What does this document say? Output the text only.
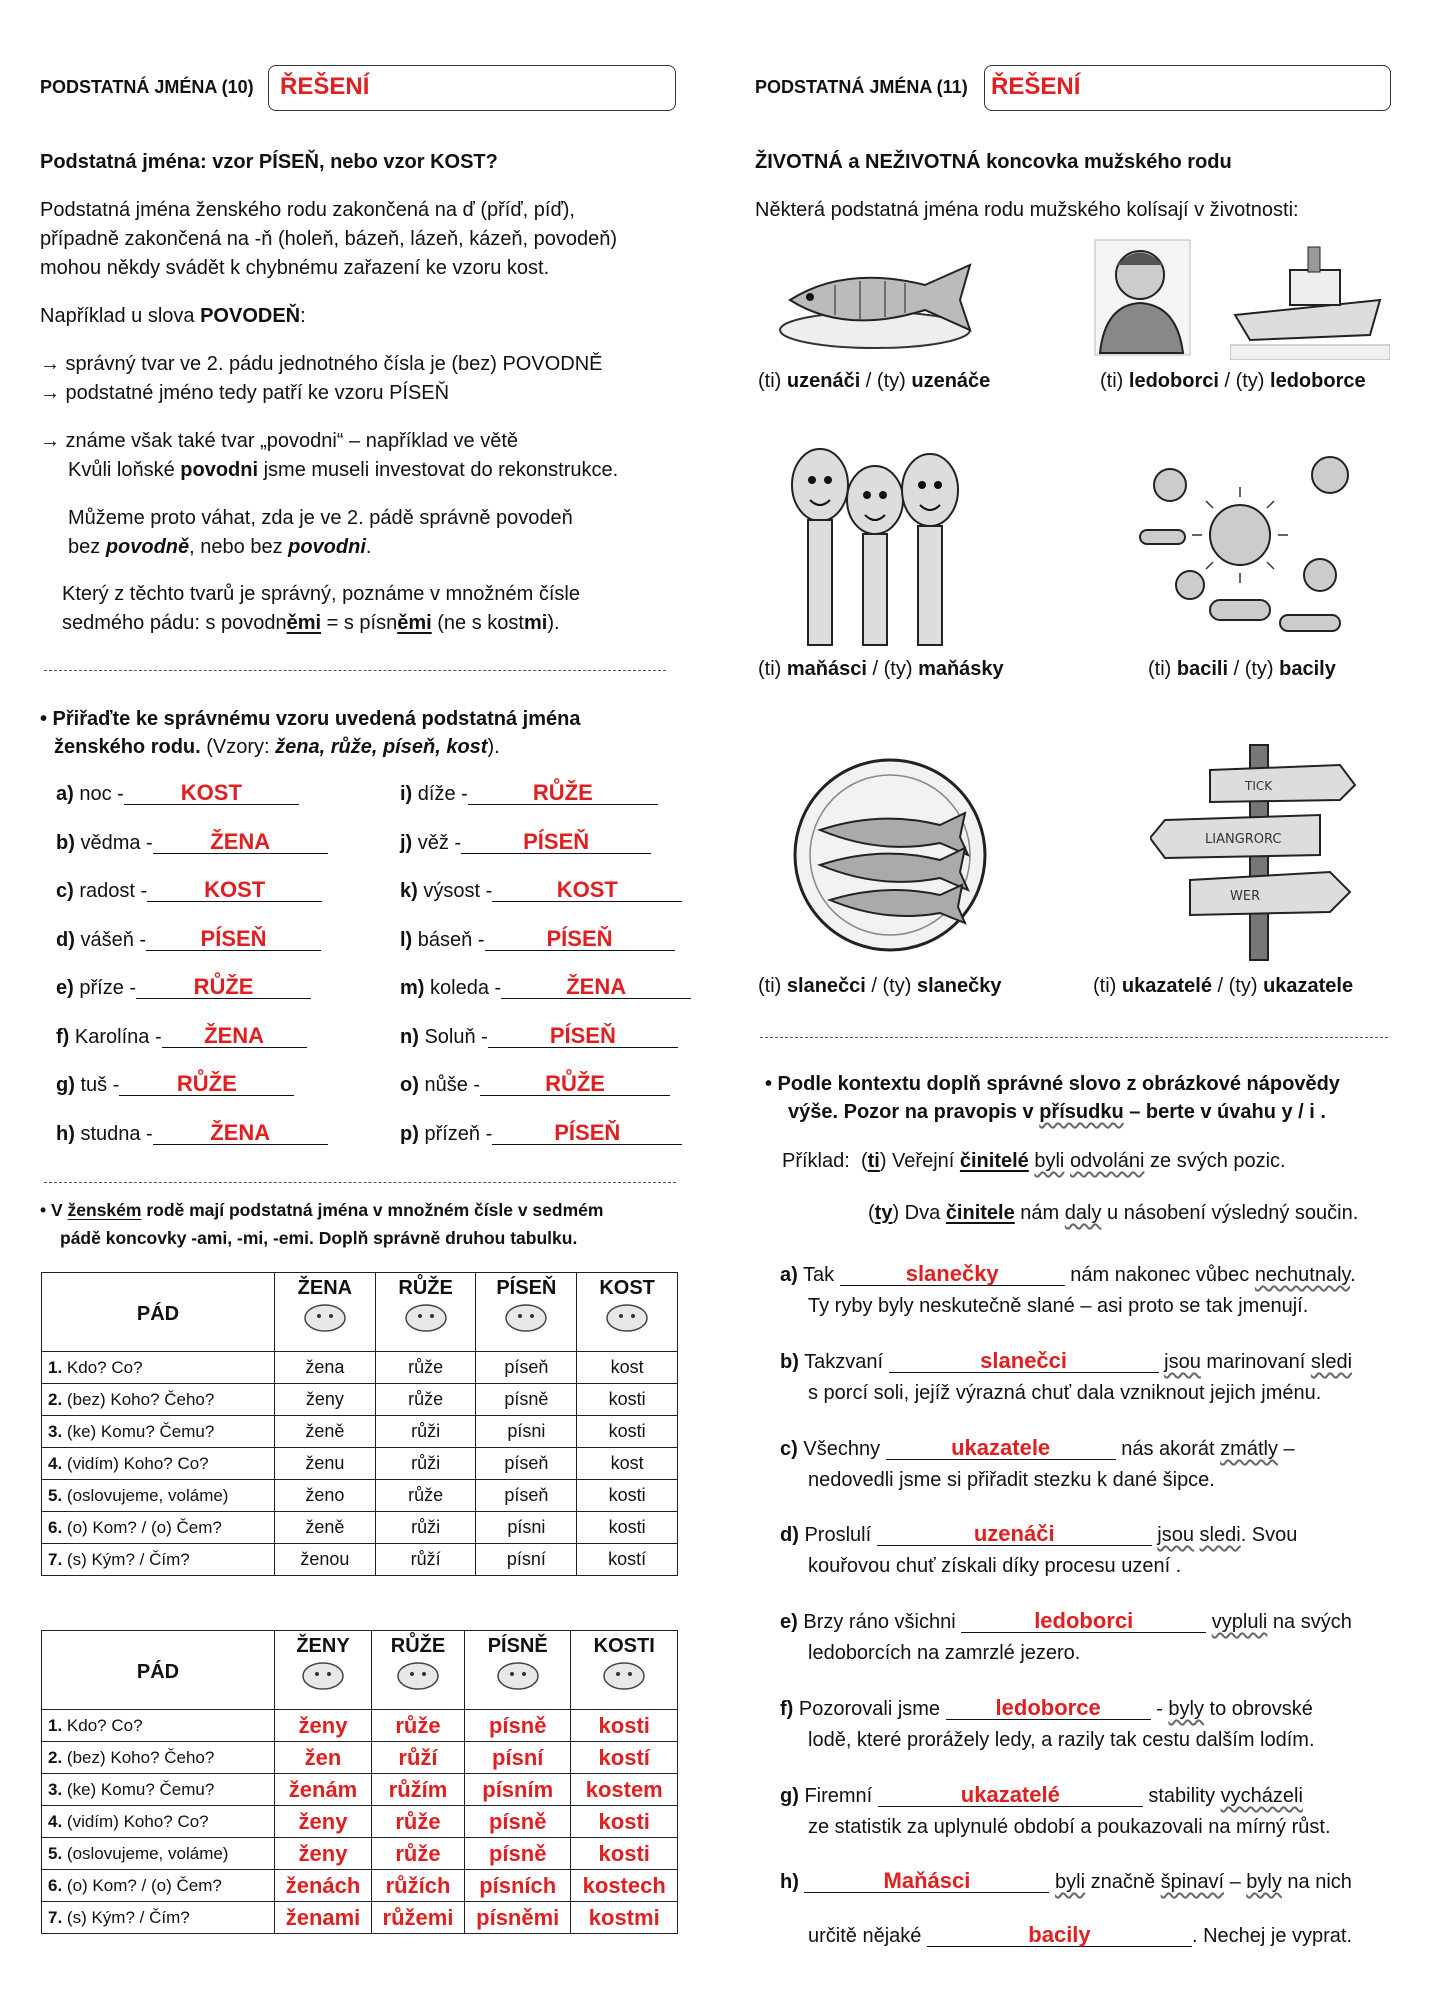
PODSTATNÁ JMÉNA (10) ŘEŠENÍ
Podstatná jména: vzor PÍSEŇ, nebo vzor KOST?
Podstatná jména ženského rodu zakončená na ď (příď, píď),
případně zakončená na -ň (holeň, bázeň, lázeň, kázeň, povodeň)
mohou někdy svádět k chybnému zařazení ke vzoru kost.
Například u slova POVODEŇ:
→ správný tvar ve 2. pádu jednotného čísla je (bez) POVODNĚ
→ podstatné jméno tedy patří ke vzoru PÍSEŇ
→ známe však také tvar „povodni“ – například ve větě
Kvůli loňské povodni jsme museli investovat do rekonstrukce.
Můžeme proto váhat, zda je ve 2. pádě správně povodeň
bez povodně, nebo bez povodni.
Který z těchto tvarů je správný, poznáme v množném čísle
sedmého pádu: s povodněmi = s písněmi (ne s kostmi).
• Přiřaďte ke správnému vzoru uvedená podstatná jména
ženského rodu. (Vzory: žena, růže, píseň, kost).
a) noc -	KOST
b) vědma -	ŽENA
c) radost -	KOST
d) vášeň - PÍSEŇ
e) příze -	RŮŽE
f) Karolína - ŽENA
g) tuš -	RŮŽE
h) studna -	ŽENA
i) díže -	RŮŽE
j) věž -	PÍSEŇ
k) výsost -	KOST
l) báseň -	PÍSEŇ
m) koleda -	ŽENA
n) Soluň -	PÍSEŇ
o) nůše -	RŮŽE
p) přízeň -	PÍSEŇ
• V ženském rodě mají podstatná jména v množném čísle v sedmém
pádě koncovky -ami, -mi, -emi. Doplň správně druhou tabulku.
PÁD	ŽENA	RŮŽE	PÍSEŇ	KOST

1. Kdo? Co?	žena	růže	píseň	kost
2. (bez) Koho? Čeho?	ženy	růže	písně	kosti
3. (ke) Komu? Čemu?	ženě	růži	písni	kosti
4. (vidím) Koho? Co?	ženu	růži	píseň	kost
5. (oslovujeme, voláme)	ženo	růže	píseň	kosti
6. (o) Kom? / (o) Čem?	ženě	růži	písni	kosti
7. (s) Kým? / Čím?	ženou	růží	písní	kostí
PÁD	ŽENY	RŮŽE	PÍSNĚ	KOSTI

1. Kdo? Co?	ženy	růže	písně	kosti
2. (bez) Koho? Čeho?	žen	růží	písní	kostí
3. (ke) Komu? Čemu?	ženám	růžím	písním	kostem
4. (vidím) Koho? Co?	ženy	růže	písně	kosti
5. (oslovujeme, voláme)	ženy	růže	písně	kosti
6. (o) Kom? / (o) Čem?	ženách	růžích	písních	kostech
7. (s) Kým? / Čím?	ženami	růžemi	písněmi	kostmi
PODSTATNÁ JMÉNA (11) ŘEŠENÍ
ŽIVOTNÁ a NEŽIVOTNÁ koncovka mužského rodu
Některá podstatná jména rodu mužského kolísají v životnosti:
(ti) uzenáči / (ty) uzenáče	(ti) ledoborci / (ty) ledoborce
(ti) maňásci / (ty) maňásky	(ti) bacili / (ty) bacily
TICK
LIANGRORC
WER
(ti) slanečci / (ty) slanečky	(ti) ukazatelé / (ty) ukazatele
• Podle kontextu doplň správné slovo z obrázkové nápovědy
výše. Pozor na pravopis v přísudku – berte v úvahu y / i .
Příklad: (ti) Veřejní činitelé byli odvoláni ze svých pozic.
(ty) Dva činitele nám daly u násobení výsledný součin.
a) Tak	slanečky	nám nakonec vůbec nechutnaly.
Ty ryby byly neskutečně slané – asi proto se tak jmenují.
b) Takzvaní	slanečci	jsou marinovaní sledi
s porcí soli, jejíž výrazná chuť dala vzniknout jejich jménu.
c) Všechny	ukazatele	nás akorát zmátly –
nedovedli jsme si přiřadit stezku k dané šipce.
d) Proslulí	uzenáči	jsou sledi. Svou
kouřovou chuť získali díky procesu uzení .
e) Brzy ráno všichni	ledoborci	vypluli na svých
ledoborcích na zamrzlé jezero.
f) Pozorovali jsme	ledoborce	- byly to obrovské
lodě, které prorážely ledy, a razily tak cestu dalším lodím.
g) Firemní	ukazatelé	stability vycházeli
ze statistik za uplynulé období a poukazovali na mírný růst.
h)	Maňásci	byli značně špinaví – byly na nich
určitě nějaké	bacily	. Nechej je vyprat.
